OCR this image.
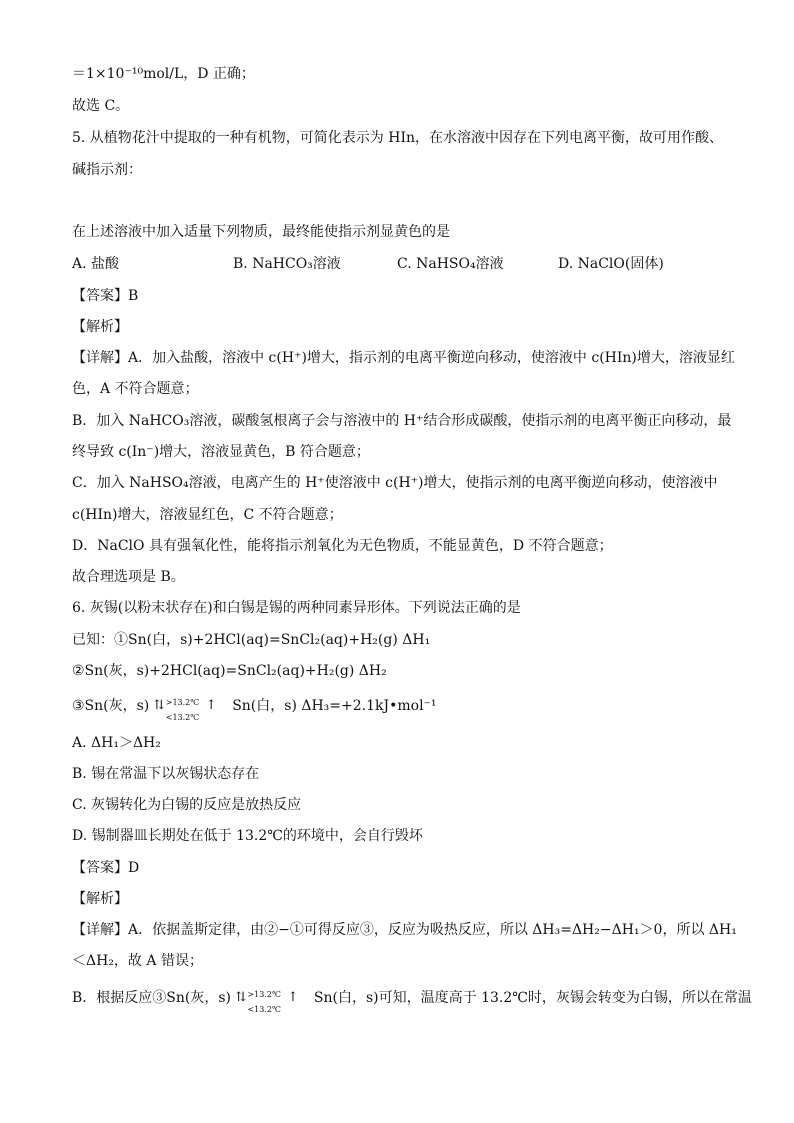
＝1×10⁻¹⁰mol/L，D 正确；
故选 C。
5. 从植物花汁中提取的一种有机物，可简化表示为 HIn，在水溶液中因存在下列电离平衡，故可用作酸、
碱指示剂：
在上述溶液中加入适量下列物质，最终能使指示剂显黄色的是
A. 盐酸	B. NaHCO₃溶液	C. NaHSO₄溶液	D. NaClO(固体)
【答案】B
【解析】
【详解】A．加入盐酸，溶液中 c(H⁺)增大，指示剂的电离平衡逆向移动，使溶液中 c(HIn)增大，溶液显红
色，A 不符合题意；
B．加入 NaHCO₃溶液，碳酸氢根离子会与溶液中的 H⁺结合形成碳酸，使指示剂的电离平衡正向移动，最
终导致 c(In⁻)增大，溶液显黄色，B 符合题意；
C．加入 NaHSO₄溶液，电离产生的 H⁺使溶液中 c(H⁺)增大，使指示剂的电离平衡逆向移动，使溶液中
c(HIn)增大，溶液显红色，C 不符合题意；
D．NaClO 具有强氧化性，能将指示剂氧化为无色物质，不能显黄色，D 不符合题意；
故合理选项是 B。
6. 灰锡(以粉末状存在)和白锡是锡的两种同素异形体。下列说法正确的是
已知：①Sn(白，s)+2HCl(aq)=SnCl₂(aq)+H₂(g) ΔH₁
②Sn(灰，s)+2HCl(aq)=SnCl₂(aq)+H₂(g) ΔH₂
③Sn(灰，s) ⇅ >13.2℃
<13.2℃
↑ Sn(白，s) ΔH₃=+2.1kJ•mol⁻¹
A. ΔH₁＞ΔH₂
B. 锡在常温下以灰锡状态存在
C. 灰锡转化为白锡的反应是放热反应
D. 锡制器皿长期处在低于 13.2℃的环境中，会自行毁坏
【答案】D
【解析】
【详解】A．依据盖斯定律，由②−①可得反应③，反应为吸热反应，所以 ΔH₃=ΔH₂−ΔH₁＞0，所以 ΔH₁
＜ΔH₂，故 A 错误；
B．根据反应③Sn(灰，s) ⇅ >13.2℃
<13.2℃
↑ Sn(白，s)可知，温度高于 13.2℃时，灰锡会转变为白锡，所以在常温
